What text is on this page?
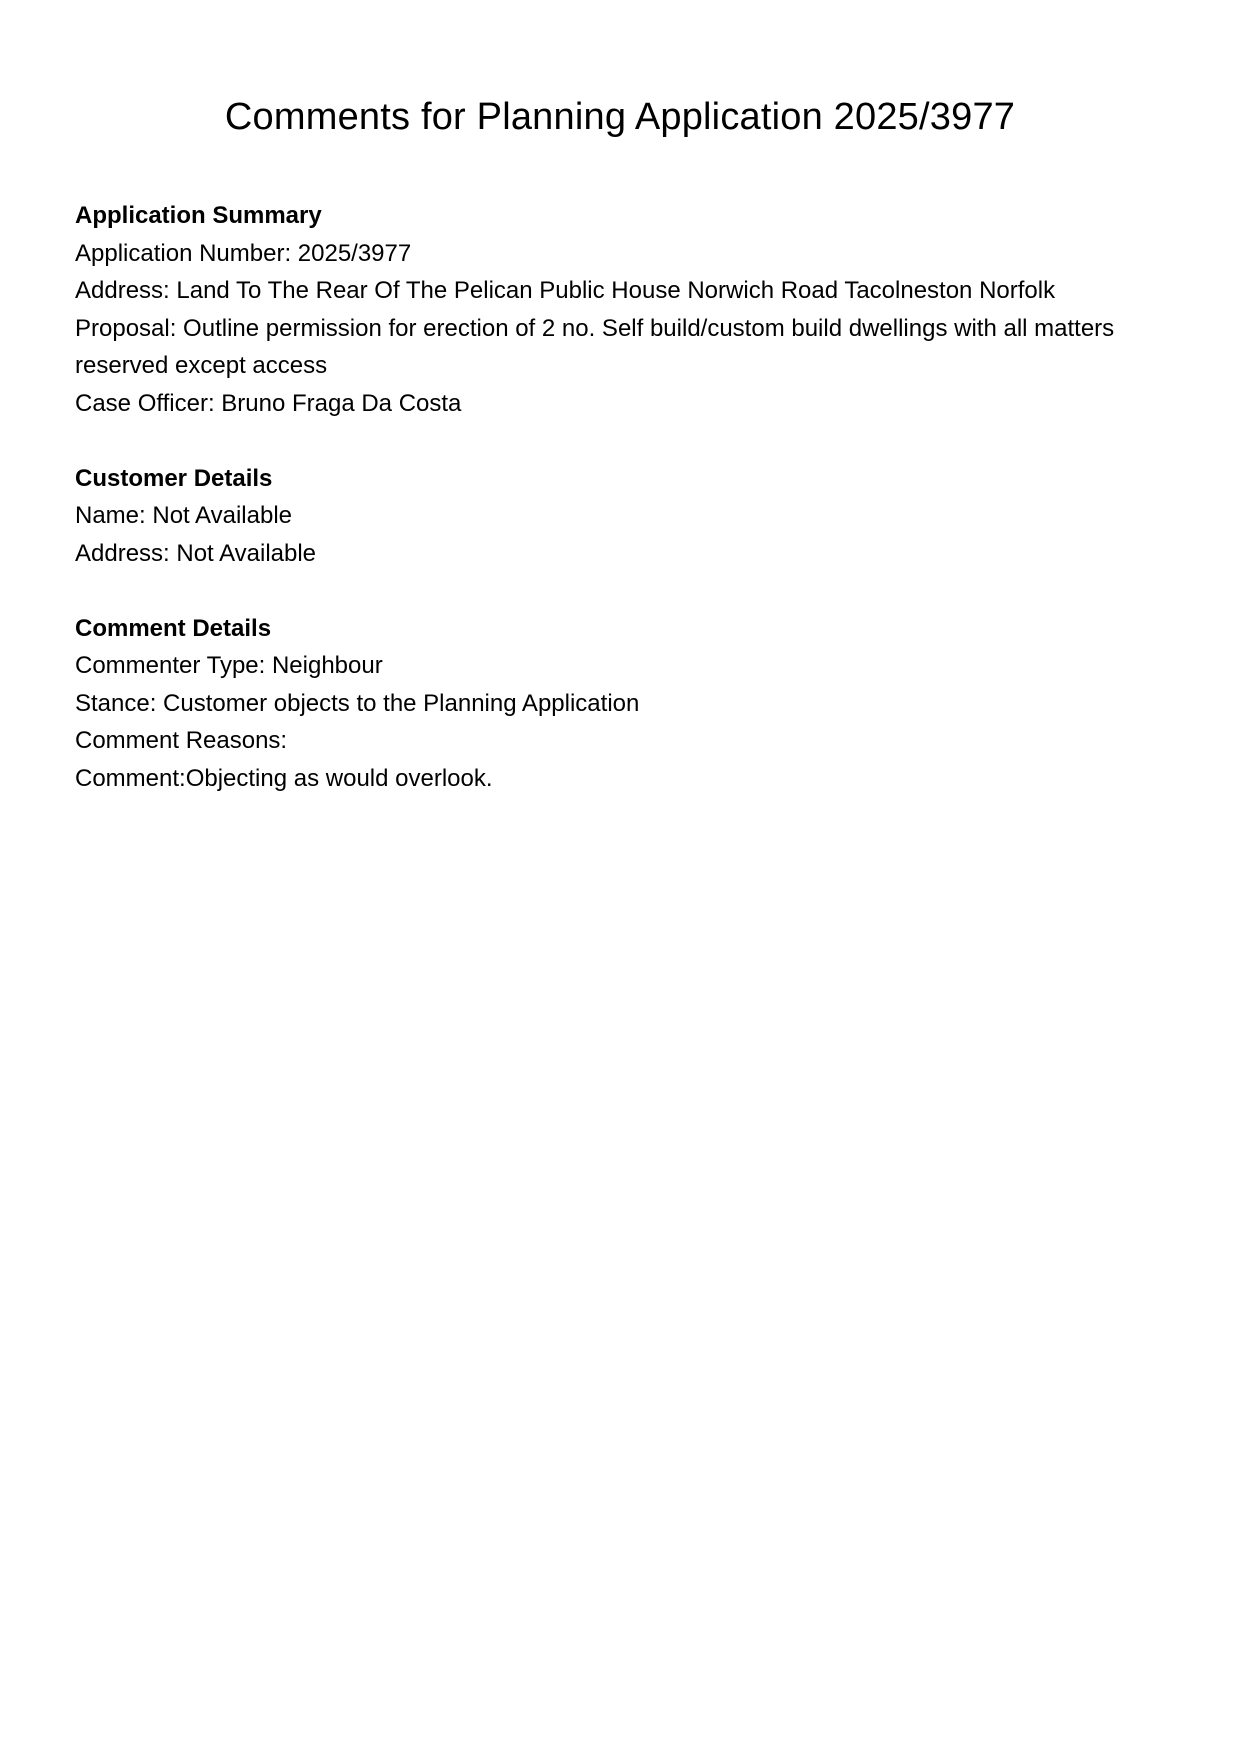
Comments for Planning Application 2025/3977

Application Summary

Application Number: 2025/3977

Address: Land To The Rear Of The Pelican Public House Norwich Road Tacolneston Norfolk

Proposal: Outline permission for erection of 2 no. Self build/custom build dwellings with all matters reserved except access

Case Officer: Bruno Fraga Da Costa

Customer Details

Name: Not Available

Address: Not Available

Comment Details

Commenter Type: Neighbour

Stance: Customer objects to the Planning Application

Comment Reasons:

Comment:Objecting as would overlook.
